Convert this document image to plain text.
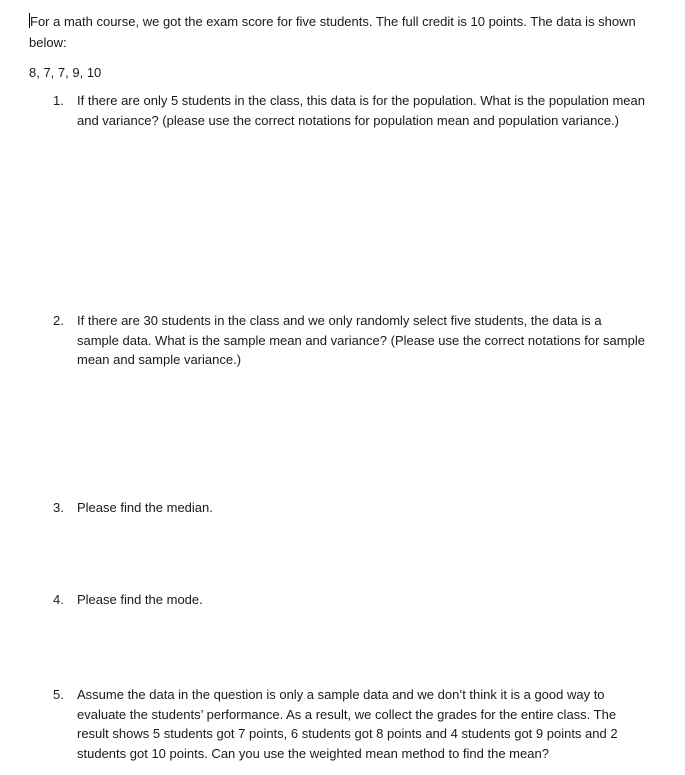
For a math course, we got the exam score for five students. The full credit is 10 points. The data is shown below:

8, 7, 7, 9, 10

1. If there are only 5 students in the class, this data is for the population. What is the population mean and variance? (please use the correct notations for population mean and population variance.)
2. If there are 30 students in the class and we only randomly select five students, the data is a sample data. What is the sample mean and variance? (Please use the correct notations for sample mean and sample variance.)
3. Please find the median.
4. Please find the mode.
5. Assume the data in the question is only a sample data and we don’t think it is a good way to evaluate the students’ performance. As a result, we collect the grades for the entire class. The result shows 5 students got 7 points, 6 students got 8 points and 4 students got 9 points and 2 students got 10 points. Can you use the weighted mean method to find the mean?
